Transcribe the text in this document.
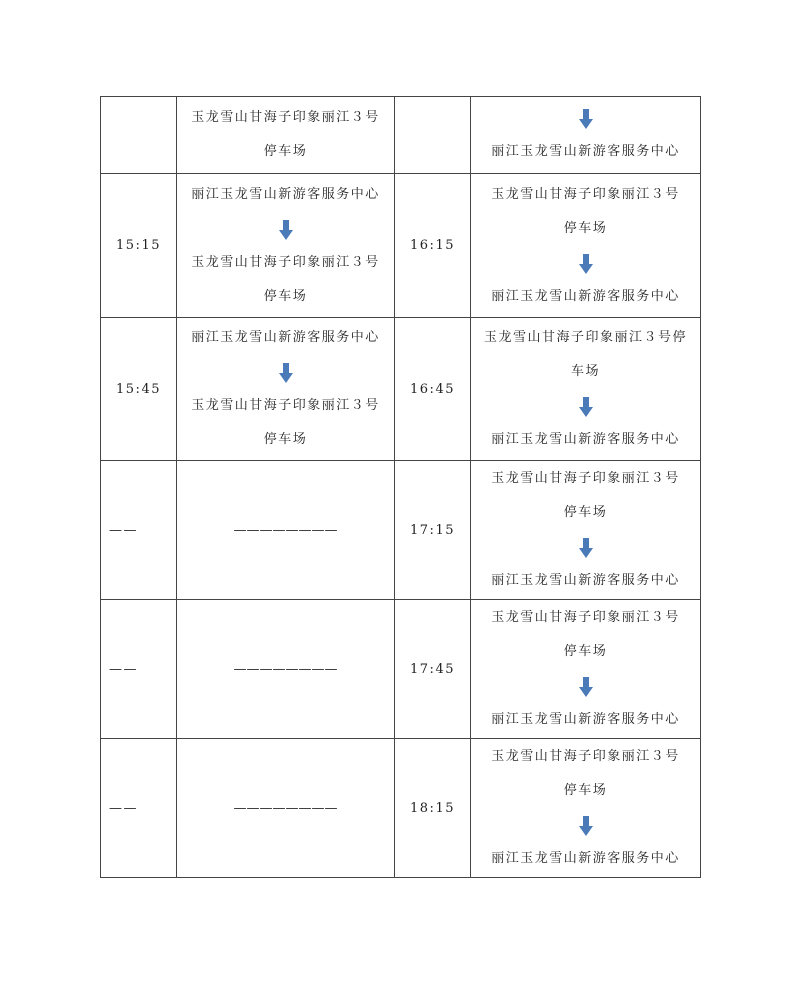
	玉龙雪山甘海子印象丽江３号
停车场		丽江玉龙雪山新游客服务中心

15:15	丽江玉龙雪山新游客服务中心
玉龙雪山甘海子印象丽江３号
停车场	16:15	玉龙雪山甘海子印象丽江３号
停车场
丽江玉龙雪山新游客服务中心

15:45	丽江玉龙雪山新游客服务中心
玉龙雪山甘海子印象丽江３号
停车场	16:45	玉龙雪山甘海子印象丽江３号停
车场
丽江玉龙雪山新游客服务中心

——	————————	17:15	玉龙雪山甘海子印象丽江３号
停车场
丽江玉龙雪山新游客服务中心

——	————————	17:45	玉龙雪山甘海子印象丽江３号
停车场
丽江玉龙雪山新游客服务中心

——	————————	18:15	玉龙雪山甘海子印象丽江３号
停车场
丽江玉龙雪山新游客服务中心
